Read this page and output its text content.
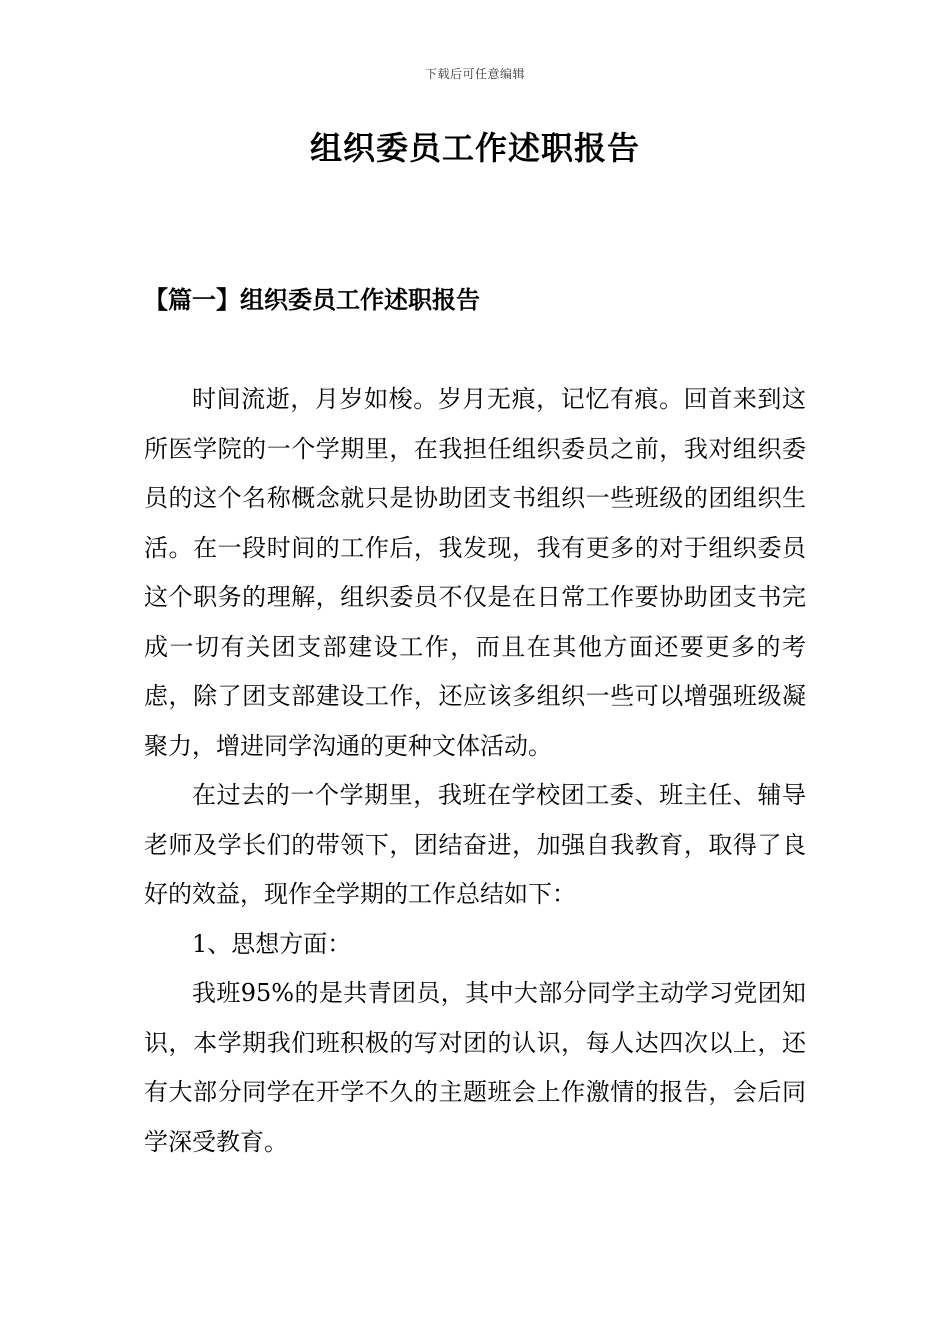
下载后可任意编辑
组织委员工作述职报告
【篇一】组织委员工作述职报告

时间流逝，月岁如梭。岁月无痕，记忆有痕。回首来到这所医学院的一个学期里，在我担任组织委员之前，我对组织委员的这个名称概念就只是协助团支书组织一些班级的团组织生活。在一段时间的工作后，我发现，我有更多的对于组织委员这个职务的理解，组织委员不仅是在日常工作要协助团支书完成一切有关团支部建设工作，而且在其他方面还要更多的考虑，除了团支部建设工作，还应该多组织一些可以增强班级凝聚力，增进同学沟通的更种文体活动。

在过去的一个学期里，我班在学校团工委、班主任、辅导老师及学长们的带领下，团结奋进，加强自我教育，取得了良好的效益，现作全学期的工作总结如下：

1、思想方面：

我班95%的是共青团员，其中大部分同学主动学习党团知识，本学期我们班积极的写对团的认识，每人达四次以上，还有大部分同学在开学不久的主题班会上作激情的报告，会后同学深受教育。
